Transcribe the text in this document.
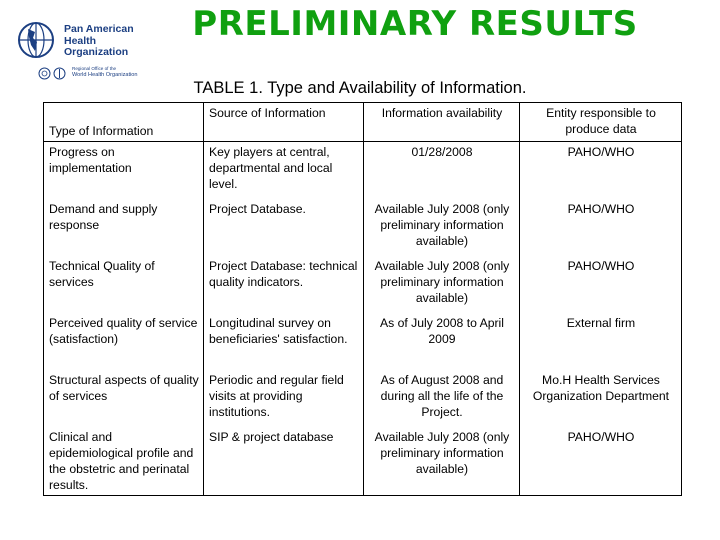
Pan American
Health
Organization
Regional Office of the
World Health Organization
PRELIMINARY RESULTS
TABLE 1. Type and Availability of Information.
Type of Information	Source of Information	Information availability	Entity responsible to produce data
Progress on implementation	Key players at central, departmental and local level.	01/28/2008	PAHO/WHO
Demand and supply response	Project Database.	Available July 2008 (only preliminary information available)	PAHO/WHO
Technical Quality of services	Project Database: technical quality indicators.	Available July 2008 (only preliminary information available)	PAHO/WHO
Perceived quality of service (satisfaction)	Longitudinal survey on beneficiaries' satisfaction.	As of July 2008 to April 2009	External firm
Structural aspects of quality of services	Periodic and regular field visits at providing institutions.	As of August 2008 and during all the life of the Project.	Mo.H Health Services Organization Department
Clinical and epidemiological profile and the obstetric and perinatal results.	SIP & project database	Available July 2008 (only preliminary information available)	PAHO/WHO
